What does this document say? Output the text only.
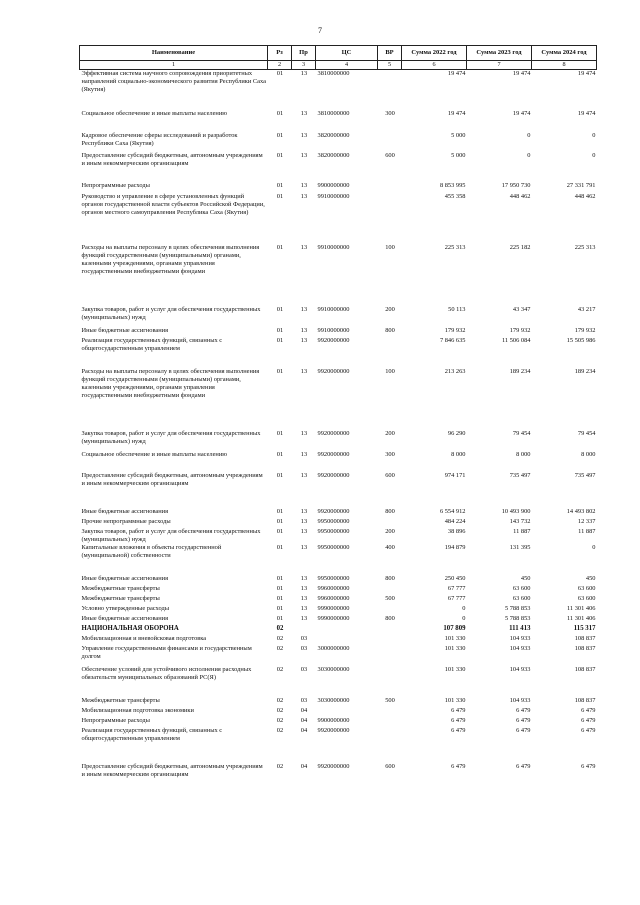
7
Наименование	Рз	Пр	ЦС	ВР	Сумма 2022 год	Сумма 2023 год	Сумма 2024 год
1	2	3	4	5	6	7	8

Эффективная система научного сопровождения приоритетных направлений социально-экономического развития Республики Саха (Якутия)	01	13	3810000000		19 474	19 474	19 474

Социальное обеспечение и иные выплаты населению	01	13	3810000000	300	19 474	19 474	19 474

Кадровое обеспечение сферы исследований и разработок Республики Саха (Якутия)	01	13	3820000000		5 000	0	0

Предоставление субсидий бюджетным, автономным учреждениям и иным некоммерческим организациям	01	13	3820000000	600	5 000	0	0

Непрограммные расходы	01	13	9900000000		8 853 995	17 950 730	27 331 791

Руководство и управление в сфере установленных функций органов государственной власти субъектов Российской Федерации, органов местного самоуправления Республика Саха (Якутия)	01	13	9910000000		455 358	448 462	448 462

Расходы на выплаты персоналу в целях обеспечения выполнения функций государственными (муниципальными) органами, казенными учреждениями, органами управления государственными внебюджетными фондами	01	13	9910000000	100	225 313	225 182	225 313

Закупка товаров, работ и услуг для обеспечения государственных (муниципальных) нужд	01	13	9910000000	200	50 113	43 347	43 217

Иные бюджетные ассигнования	01	13	9910000000	800	179 932	179 932	179 932

Реализация государственных функций, связанных с общегосударственным управлением	01	13	9920000000		7 846 635	11 506 084	15 505 986

Расходы на выплаты персоналу в целях обеспечения выполнения функций государственными (муниципальными) органами, казенными учреждениями, органами управления государственными внебюджетными фондами	01	13	9920000000	100	213 263	189 234	189 234

Закупка товаров, работ и услуг для обеспечения государственных (муниципальных) нужд	01	13	9920000000	200	96 290	79 454	79 454

Социальное обеспечение и иные выплаты населению	01	13	9920000000	300	8 000	8 000	8 000

Предоставление субсидий бюджетным, автономным учреждениям и иным некоммерческим организациям	01	13	9920000000	600	974 171	735 497	735 497

Иные бюджетные ассигнования	01	13	9920000000	800	6 554 912	10 493 900	14 493 802

Прочие непрограммные расходы	01	13	9950000000		484 224	143 732	12 337

Закупка товаров, работ и услуг для обеспечения государственных (муниципальных) нужд	01	13	9950000000	200	38 896	11 887	11 887

Капитальные вложения в объекты государственной (муниципальной) собственности	01	13	9950000000	400	194 879	131 395	0

Иные бюджетные ассигнования	01	13	9950000000	800	250 450	450	450

Межбюджетные трансферты	01	13	9960000000		67 777	63 600	63 600

Межбюджетные трансферты	01	13	9960000000	500	67 777	63 600	63 600

Условно утвержденные расходы	01	13	9990000000		0	5 788 853	11 301 406

Иные бюджетные ассигнования	01	13	9990000000	800	0	5 788 853	11 301 406

НАЦИОНАЛЬНАЯ ОБОРОНА	02				107 809	111 413	115 317

Мобилизационная и вневойсковая подготовка	02	03			101 330	104 933	108 837

Управление государственными финансами и государственным долгом	02	03	3000000000		101 330	104 933	108 837

Обеспечение условий для устойчивого исполнения расходных обязательств муниципальных образований РС(Я)	02	03	3030000000		101 330	104 933	108 837

Межбюджетные трансферты	02	03	3030000000	500	101 330	104 933	108 837

Мобилизационная подготовка экономики	02	04			6 479	6 479	6 479

Непрограммные расходы	02	04	9900000000		6 479	6 479	6 479

Реализация государственных функций, связанных с общегосударственным управлением	02	04	9920000000		6 479	6 479	6 479

Предоставление субсидий бюджетным, автономным учреждениям и иным некоммерческим организациям	02	04	9920000000	600	6 479	6 479	6 479
